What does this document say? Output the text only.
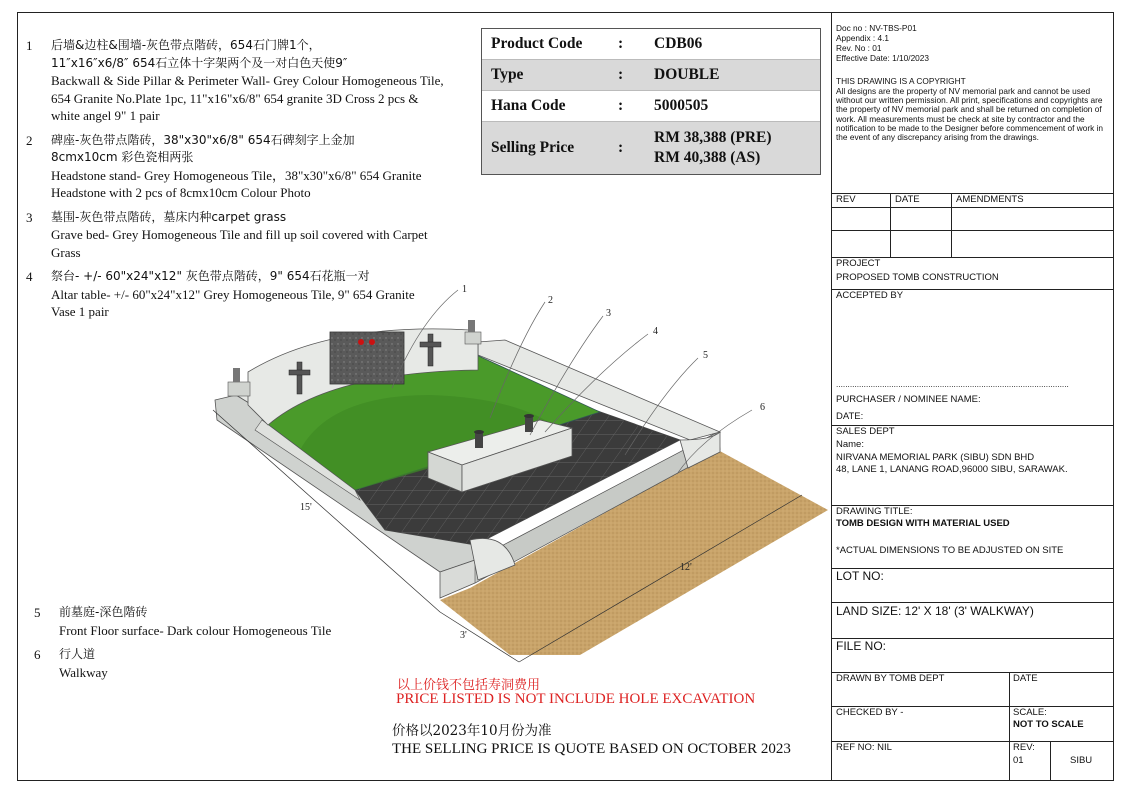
1	后墙&边柱&围墙-灰色带点階砖，654石门牌1个，
11″x16″x6/8″ 654石立体十字架两个及一对白色天使9″
Backwall & Side Pillar & Perimeter Wall- Grey Colour Homogeneous Tile, 654 Granite No.Plate 1pc, 11"x16"x6/8" 654 granite 3D Cross 2 pcs & white angel 9" 1 pair
2	碑座-灰色带点階砖，38"x30"x6/8" 654石碑刻字上金加
8cmx10cm 彩色瓷相两张
Headstone stand- Grey Homogeneous Tile，38"x30"x6/8" 654 Granite Headstone with 2 pcs of 8cmx10cm Colour Photo
3	墓围-灰色带点階砖，墓床内种carpet grass
Grave bed- Grey Homogeneous Tile and fill up soil covered with Carpet Grass
4	祭台- +/- 60"x24"x12" 灰色带点階砖，9" 654石花瓶一对
Altar table- +/- 60"x24"x12" Grey Homogeneous Tile, 9" 654 Granite Vase 1 pair
5	前墓庭-深色階砖
Front Floor surface- Dark colour Homogeneous Tile
6	行人道
Walkway
Product Code	:	CDB06
Type	:	DOUBLE
Hana Code	:	5000505
Selling Price	:
RM 38,388 (PRE)
RM 40,388 (AS)
1
2
3
4
5
6
15'
12'
3'
以上价钱不包括寿洞费用
PRICE LISTED IS NOT INCLUDE HOLE EXCAVATION
价格以2023年10月份为准
THE SELLING PRICE IS QUOTE BASED ON OCTOBER 2023
Doc no : NV-TBS-P01
Appendix : 4.1
Rev. No : 01
Effective Date: 1/10/2023
THIS DRAWING IS A COPYRIGHT
All designs are the property of NV memorial park and cannot be used without our written permission. All print, specifications and copyrights are the property of NV memorial park and shall be returned on completion of work. All measurements must be check at site by contractor and the notification to be made to the Designer before commencement of work in the event of any discrepancy arising from the drawings.
REV	DATE	AMENDMENTS
PROJECT
PROPOSED TOMB CONSTRUCTION
ACCEPTED BY
.....................................................................................................
PURCHASER / NOMINEE NAME:
DATE:
SALES DEPT
Name:
NIRVANA MEMORIAL PARK (SIBU) SDN BHD
48, LANE 1, LANANG ROAD,96000 SIBU, SARAWAK.
DRAWING TITLE:
TOMB DESIGN WITH MATERIAL USED
*ACTUAL DIMENSIONS TO BE ADJUSTED ON SITE
LOT NO:
LAND SIZE: 12' X 18' (3' WALKWAY)
FILE NO:
DRAWN BY TOMB DEPT	DATE
CHECKED BY -	SCALE:
NOT TO SCALE
REF NO: NIL	REV:
01	SIBU
